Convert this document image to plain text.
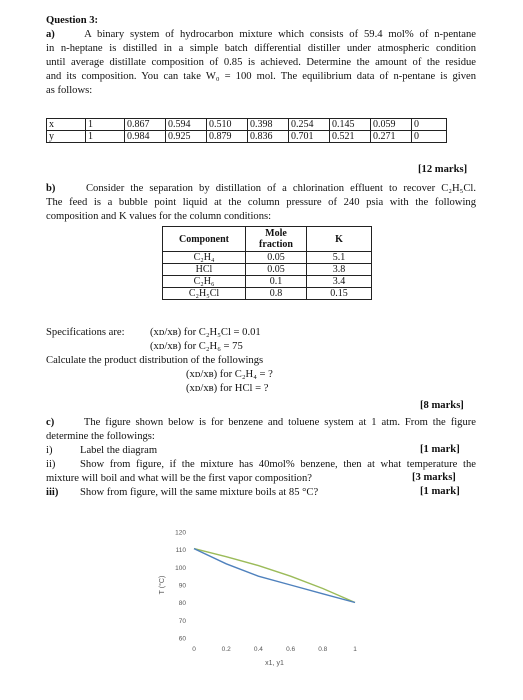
Question 3:
a)	A binary system of hydrocarbon mixture which consists of 59.4 mol% of n-pentane
in n-heptane is distilled in a simple batch differential distiller under atmospheric condition
until average distillate composition of 0.85 is achieved. Determine the amount of the residue
and its composition. You can take W₀ = 100 mol. The equilibrium data of n-pentane is given
as follows:
x	1	0.867	0.594	0.510	0.398	0.254	0.145	0.059	0
y	1	0.984	0.925	0.879	0.836	0.701	0.521	0.271	0
[12 marks]
b)	Consider the separation by distillation of a chlorination effluent to recover C₂H₅Cl.
The feed is a bubble point liquid at the column pressure of 240 psia with the following
composition and K values for the column conditions:
Component	Mole fraction	K
C₂H₄	0.05	5.1
HCl	0.05	3.8
C₂H₆	0.1	3.4
C₂H₅Cl	0.8	0.15
Specifications are: (xᴅ/xʙ) for C₂H₅Cl = 0.01
(xᴅ/xʙ) for C₂H₆ = 75
Calculate the product distribution of the followings
(xᴅ/xʙ) for C₂H₄ = ?
(xᴅ/xʙ) for HCl = ?
[8 marks]
c)	The figure shown below is for benzene and toluene system at 1 atm. From the figure
determine the followings:
i)	Label the diagram	[1 mark]
ii) Show from figure, if the mixture has 40mol% benzene, then at what temperature the
mixture will boil and what will be the first vapor composition?	[3 marks]
iii) Show from figure, will the same mixture boils at 85 °C?	[1 mark]
60
70
80
90
100
110
120
0	0.2	0.4	0.6	0.8	1
x1, y1
T (°C)
